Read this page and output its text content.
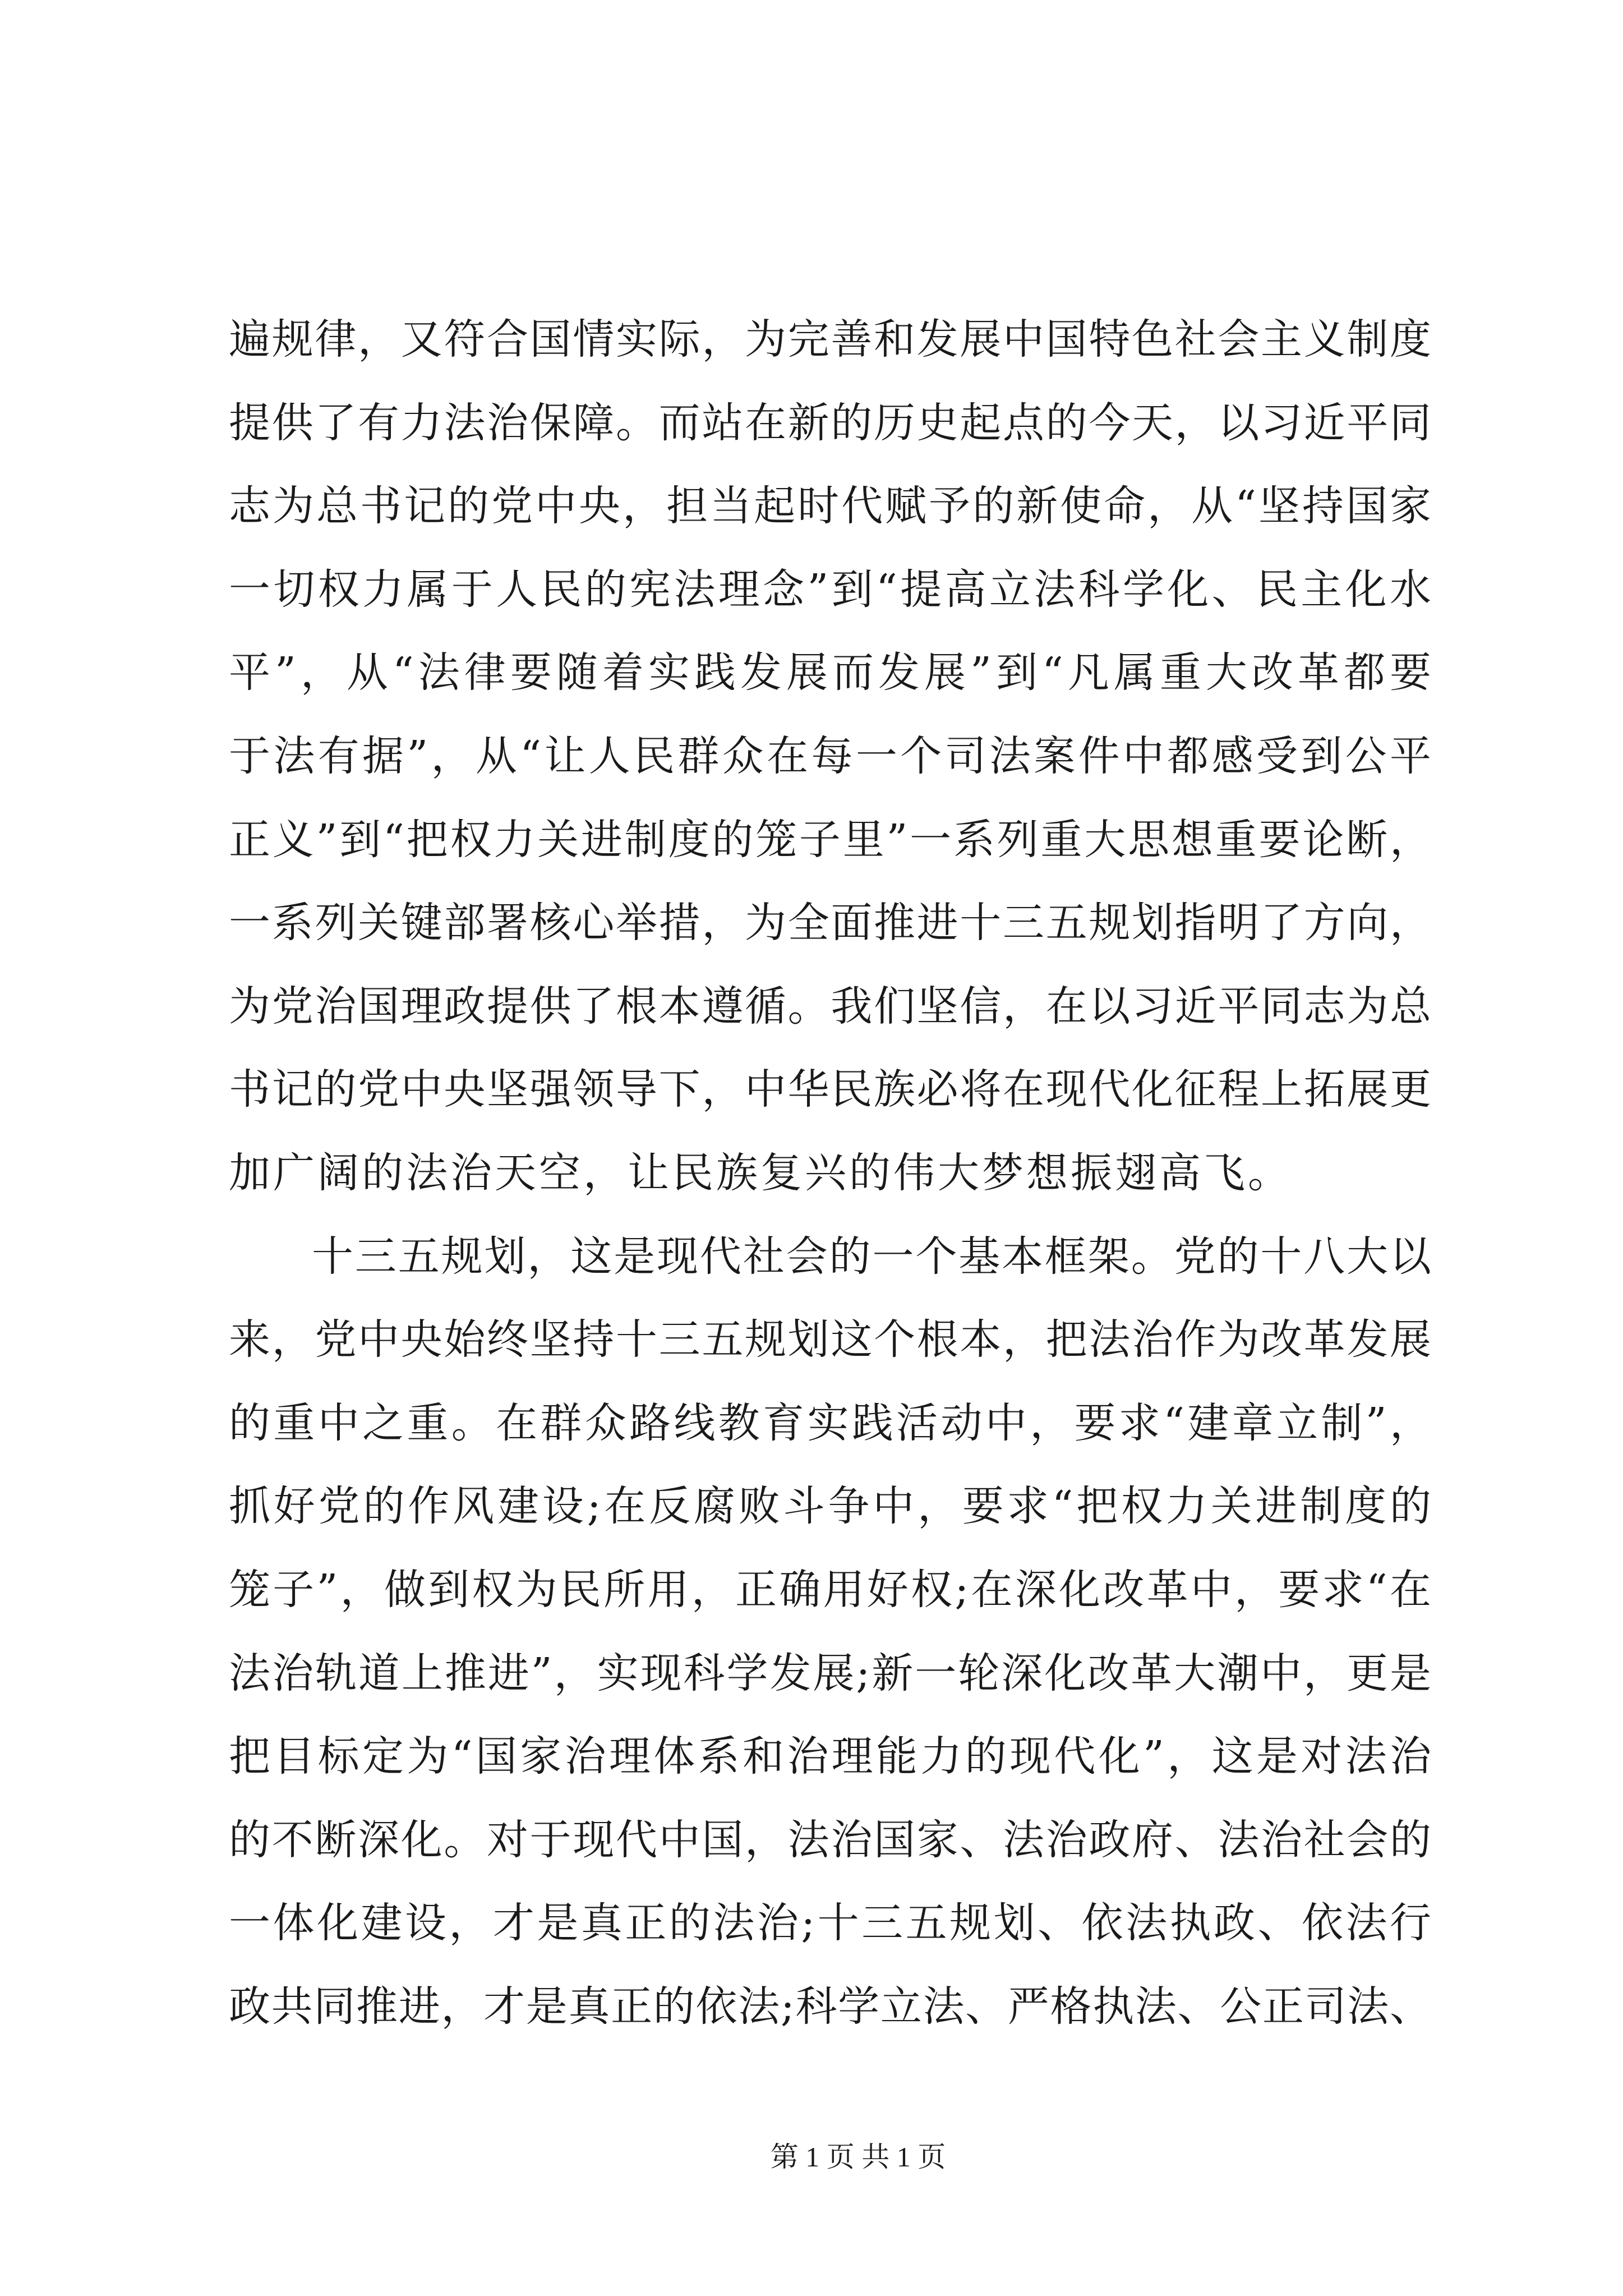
遍规律，又符合国情实际，为完善和发展中国特色社会主义制度
提供了有力法治保障。而站在新的历史起点的今天，以习近平同
志为总书记的党中央，担当起时代赋予的新使命，从“坚持国家
一切权力属于人民的宪法理念”到“提高立法科学化、民主化水
平”，从“法律要随着实践发展而发展”到“凡属重大改革都要
于法有据”，从“让人民群众在每一个司法案件中都感受到公平
正义”到“把权力关进制度的笼子里”一系列重大思想重要论断，
一系列关键部署核心举措，为全面推进十三五规划指明了方向，
为党治国理政提供了根本遵循。我们坚信，在以习近平同志为总
书记的党中央坚强领导下，中华民族必将在现代化征程上拓展更
加广阔的法治天空，让民族复兴的伟大梦想振翅高飞。
十三五规划，这是现代社会的一个基本框架。党的十八大以
来，党中央始终坚持十三五规划这个根本，把法治作为改革发展
的重中之重。在群众路线教育实践活动中，要求“建章立制”，
抓好党的作风建设;在反腐败斗争中，要求“把权力关进制度的
笼子”，做到权为民所用，正确用好权;在深化改革中，要求“在
法治轨道上推进”，实现科学发展;新一轮深化改革大潮中，更是
把目标定为“国家治理体系和治理能力的现代化”，这是对法治
的不断深化。对于现代中国，法治国家、法治政府、法治社会的
一体化建设，才是真正的法治;十三五规划、依法执政、依法行
政共同推进，才是真正的依法;科学立法、严格执法、公正司法、
第 1 页 共 1 页
